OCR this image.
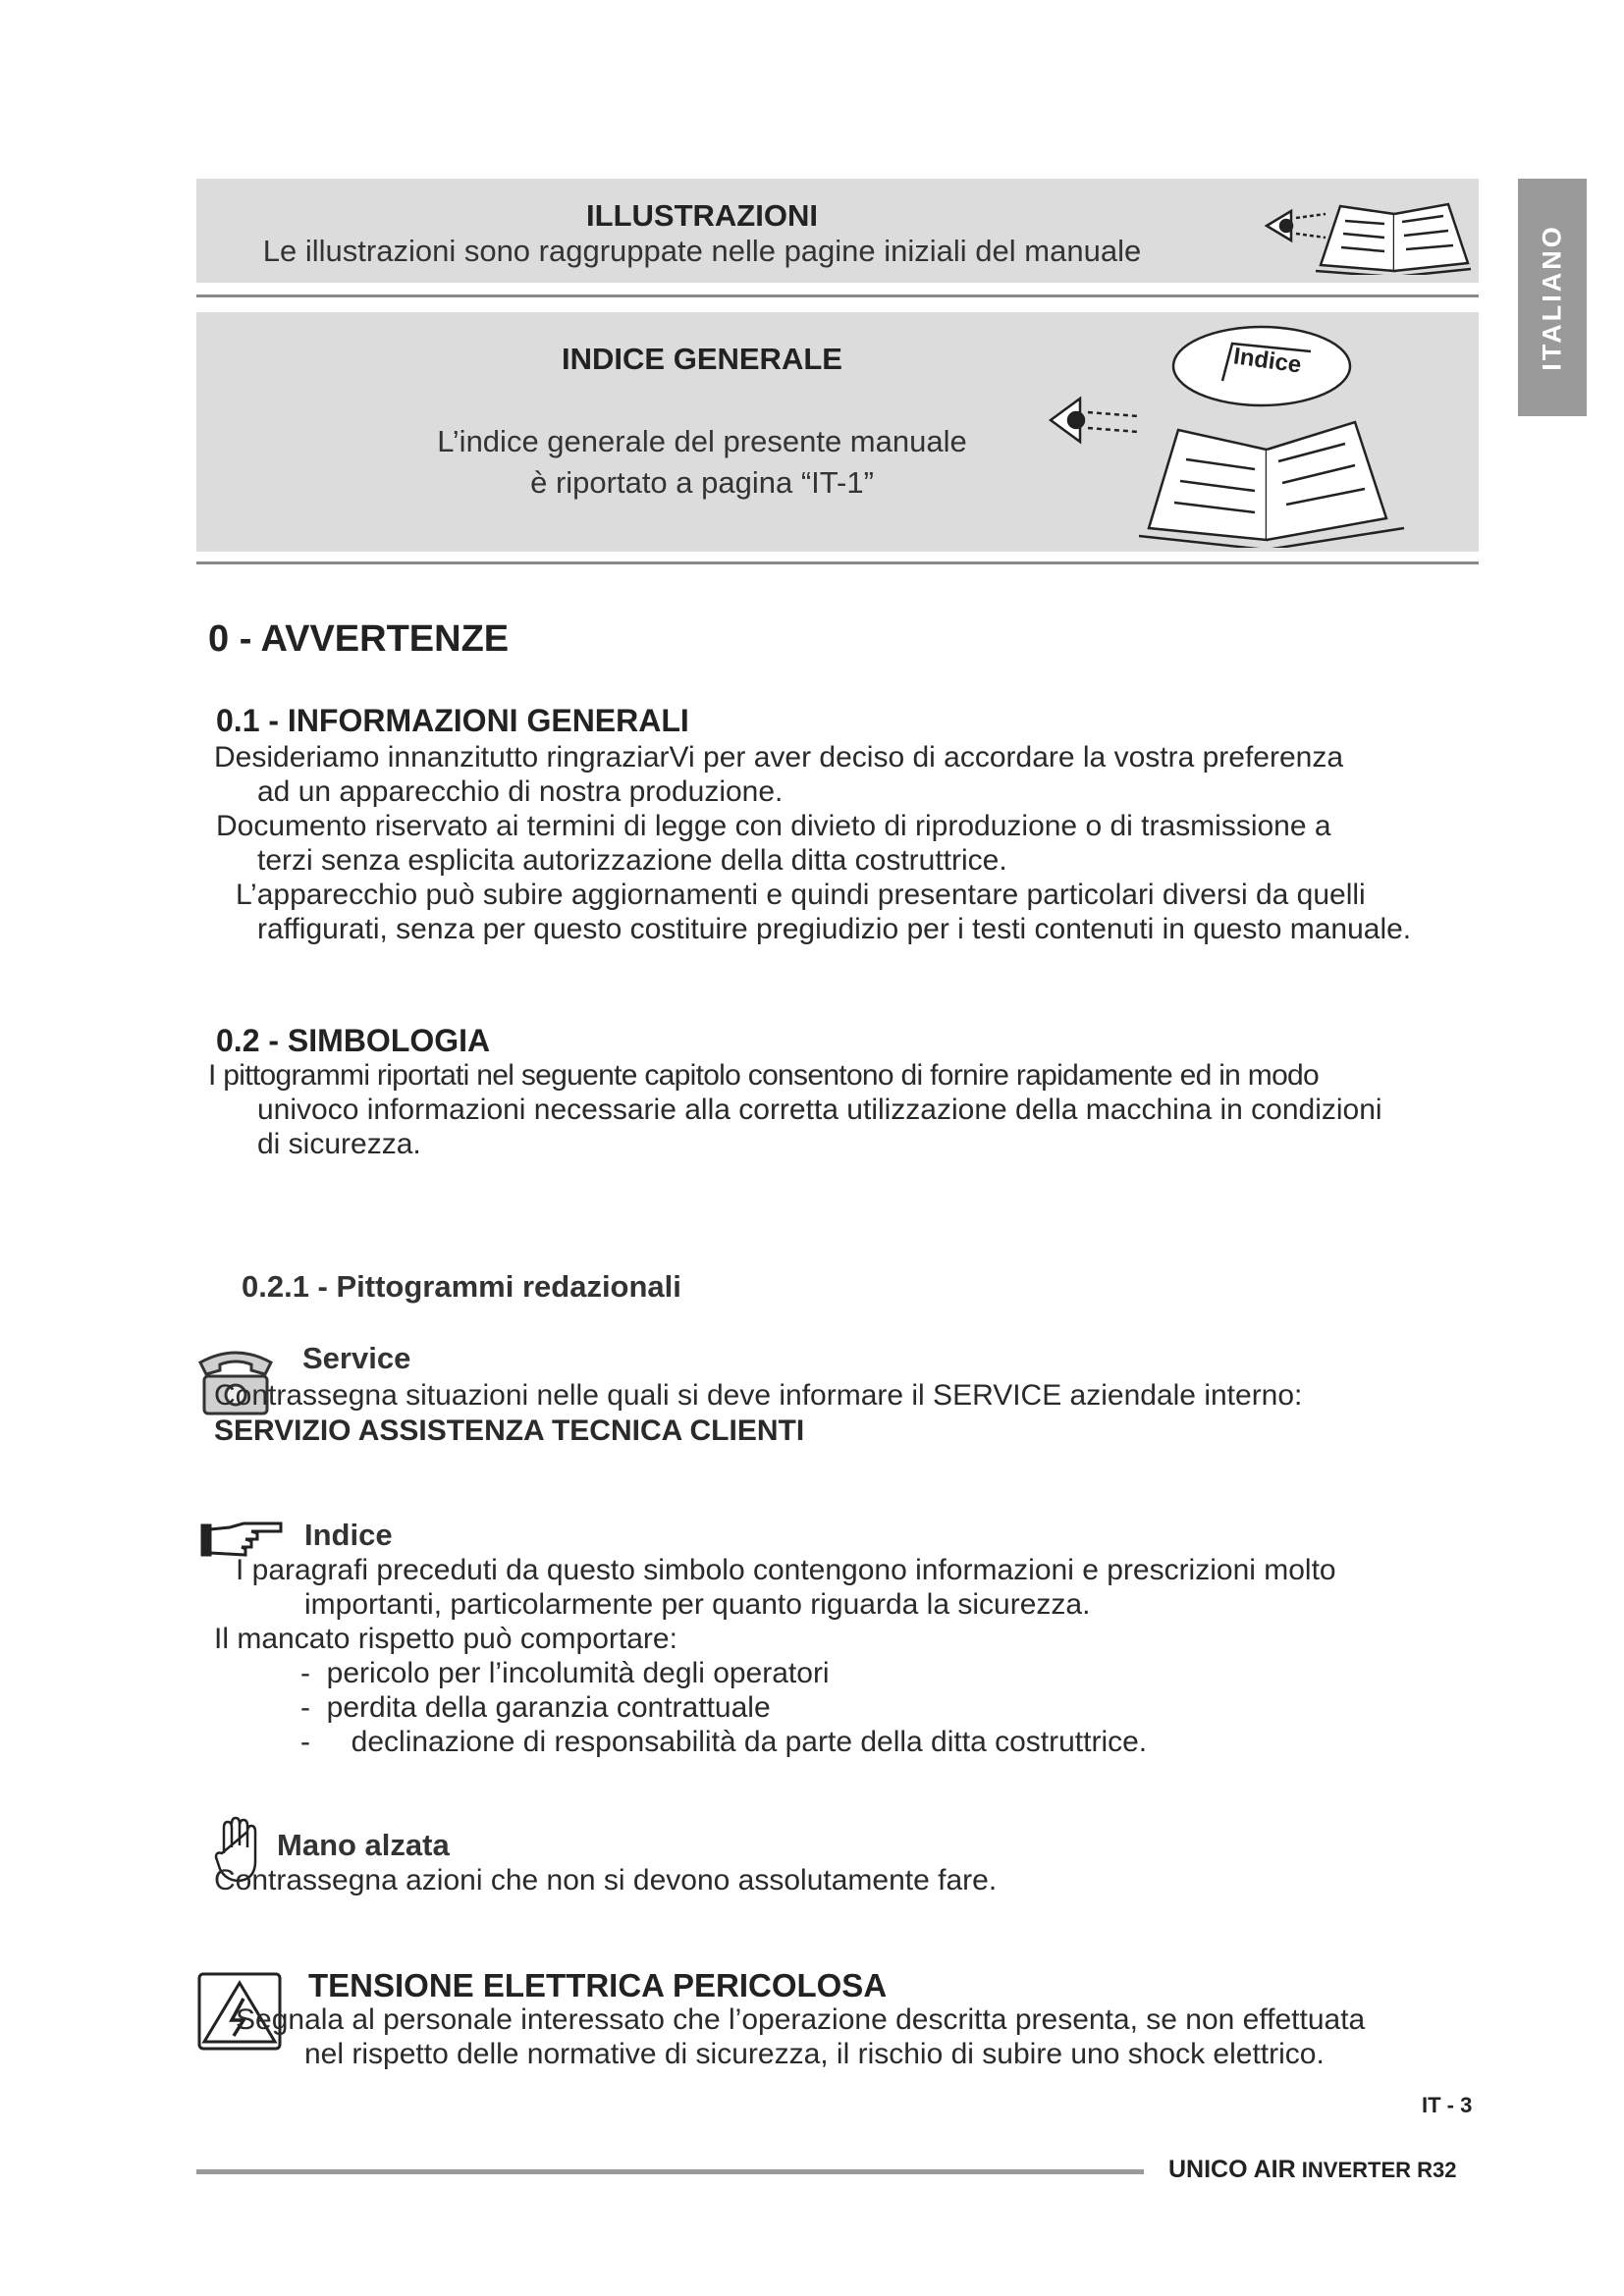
ITALIANO
ILLUSTRAZIONI
Le illustrazioni sono raggruppate nelle pagine iniziali del manuale
INDICE GENERALE
L’indice generale del presente manuale
è riportato a pagina “IT-1”
Indice
0 - AVVERTENZE
0.1 - INFORMAZIONI GENERALI
Desideriamo innanzitutto ringraziarVi per aver deciso di accordare la vostra preferenza
ad un apparecchio di nostra produzione.
Documento riservato ai termini di legge con divieto di riproduzione o di trasmissione a
terzi senza esplicita autorizzazione della ditta costruttrice.
L’apparecchio può subire aggiornamenti e quindi presentare particolari diversi da quelli
raffigurati, senza per questo costituire pregiudizio per i testi contenuti in questo manuale.
0.2 - SIMBOLOGIA
I pittogrammi riportati nel seguente capitolo consentono di fornire rapidamente ed in modo
univoco informazioni necessarie alla corretta utilizzazione della macchina in condizioni
di sicurezza.
0.2.1 - Pittogrammi redazionali
Service
Contrassegna situazioni nelle quali si deve informare il SERVICE aziendale interno:
SERVIZIO ASSISTENZA TECNICA CLIENTI
Indice
I paragrafi preceduti da questo simbolo contengono informazioni e prescrizioni molto
importanti, particolarmente per quanto riguarda la sicurezza.
Il mancato rispetto può comportare:
-  pericolo per l’incolumità degli operatori
-  perdita della garanzia contrattuale
-     declinazione di responsabilità da parte della ditta costruttrice.
Mano alzata
Contrassegna azioni che non si devono assolutamente fare.
TENSIONE ELETTRICA PERICOLOSA
Segnala al personale interessato che l’operazione descritta presenta, se non effettuata
nel rispetto delle normative di sicurezza, il rischio di subire uno shock elettrico.
IT - 3
UNICO AIR INVERTER R32
